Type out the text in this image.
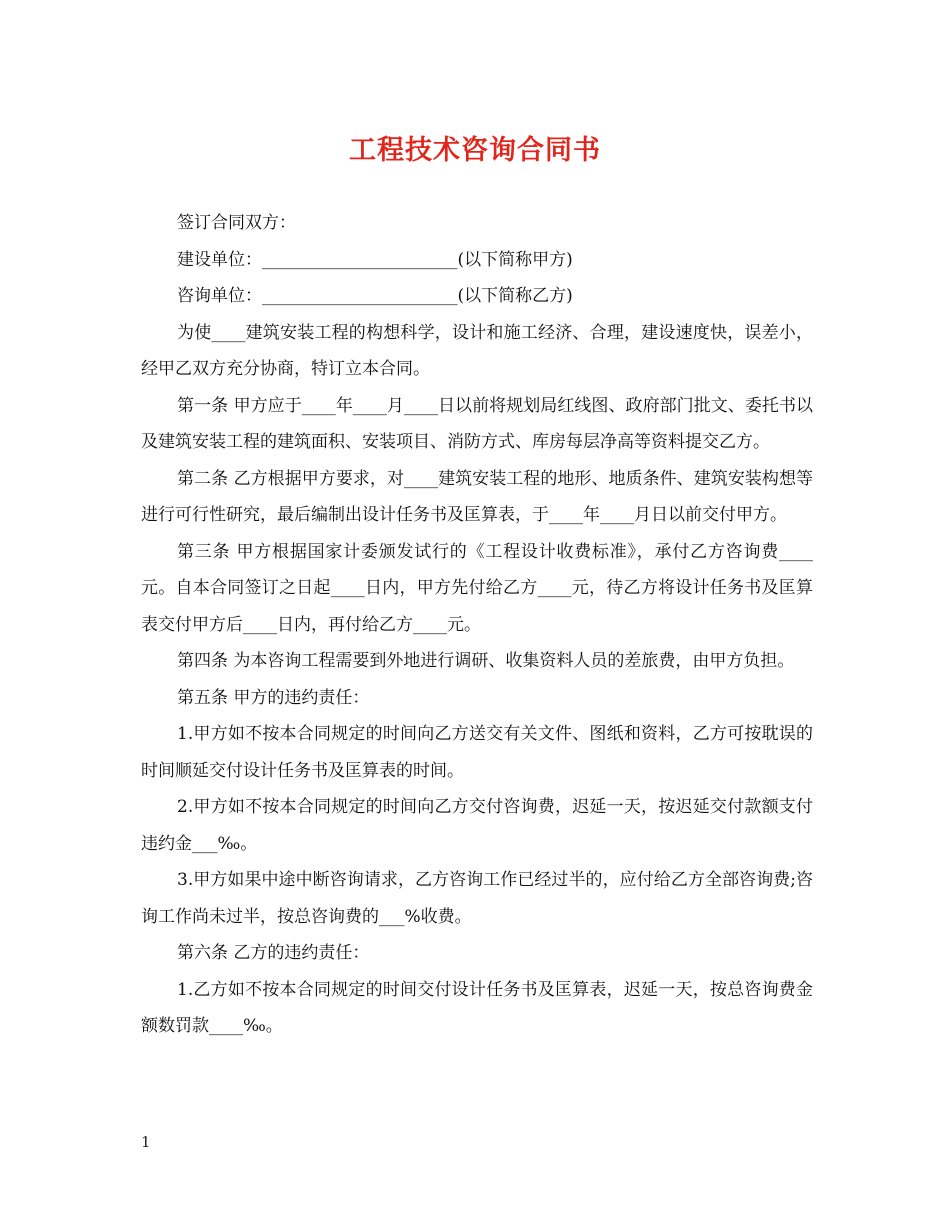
工程技术咨询合同书

签订合同双方：

建设单位：_______________________(以下简称甲方)

咨询单位：_______________________(以下简称乙方)

为使____建筑安装工程的构想科学，设计和施工经济、合理，建设速度快，误差小，经甲乙双方充分协商，特订立本合同。

第一条 甲方应于____年____月____日以前将规划局红线图、政府部门批文、委托书以及建筑安装工程的建筑面积、安装项目、消防方式、库房每层净高等资料提交乙方。

第二条 乙方根据甲方要求，对____建筑安装工程的地形、地质条件、建筑安装构想等进行可行性研究，最后编制出设计任务书及匡算表，于____年____月日以前交付甲方。

第三条 甲方根据国家计委颁发试行的《工程设计收费标准》，承付乙方咨询费____元。自本合同签订之日起____日内，甲方先付给乙方____元，待乙方将设计任务书及匡算表交付甲方后____日内，再付给乙方____元。

第四条 为本咨询工程需要到外地进行调研、收集资料人员的差旅费，由甲方负担。

第五条 甲方的违约责任：

1.甲方如不按本合同规定的时间向乙方送交有关文件、图纸和资料，乙方可按耽误的时间顺延交付设计任务书及匡算表的时间。

2.甲方如不按本合同规定的时间向乙方交付咨询费，迟延一天，按迟延交付款额支付违约金___‰。

3.甲方如果中途中断咨询请求，乙方咨询工作已经过半的，应付给乙方全部咨询费;咨询工作尚未过半，按总咨询费的___%收费。

第六条 乙方的违约责任：

1.乙方如不按本合同规定的时间交付设计任务书及匡算表，迟延一天，按总咨询费金额数罚款____‰。

1
